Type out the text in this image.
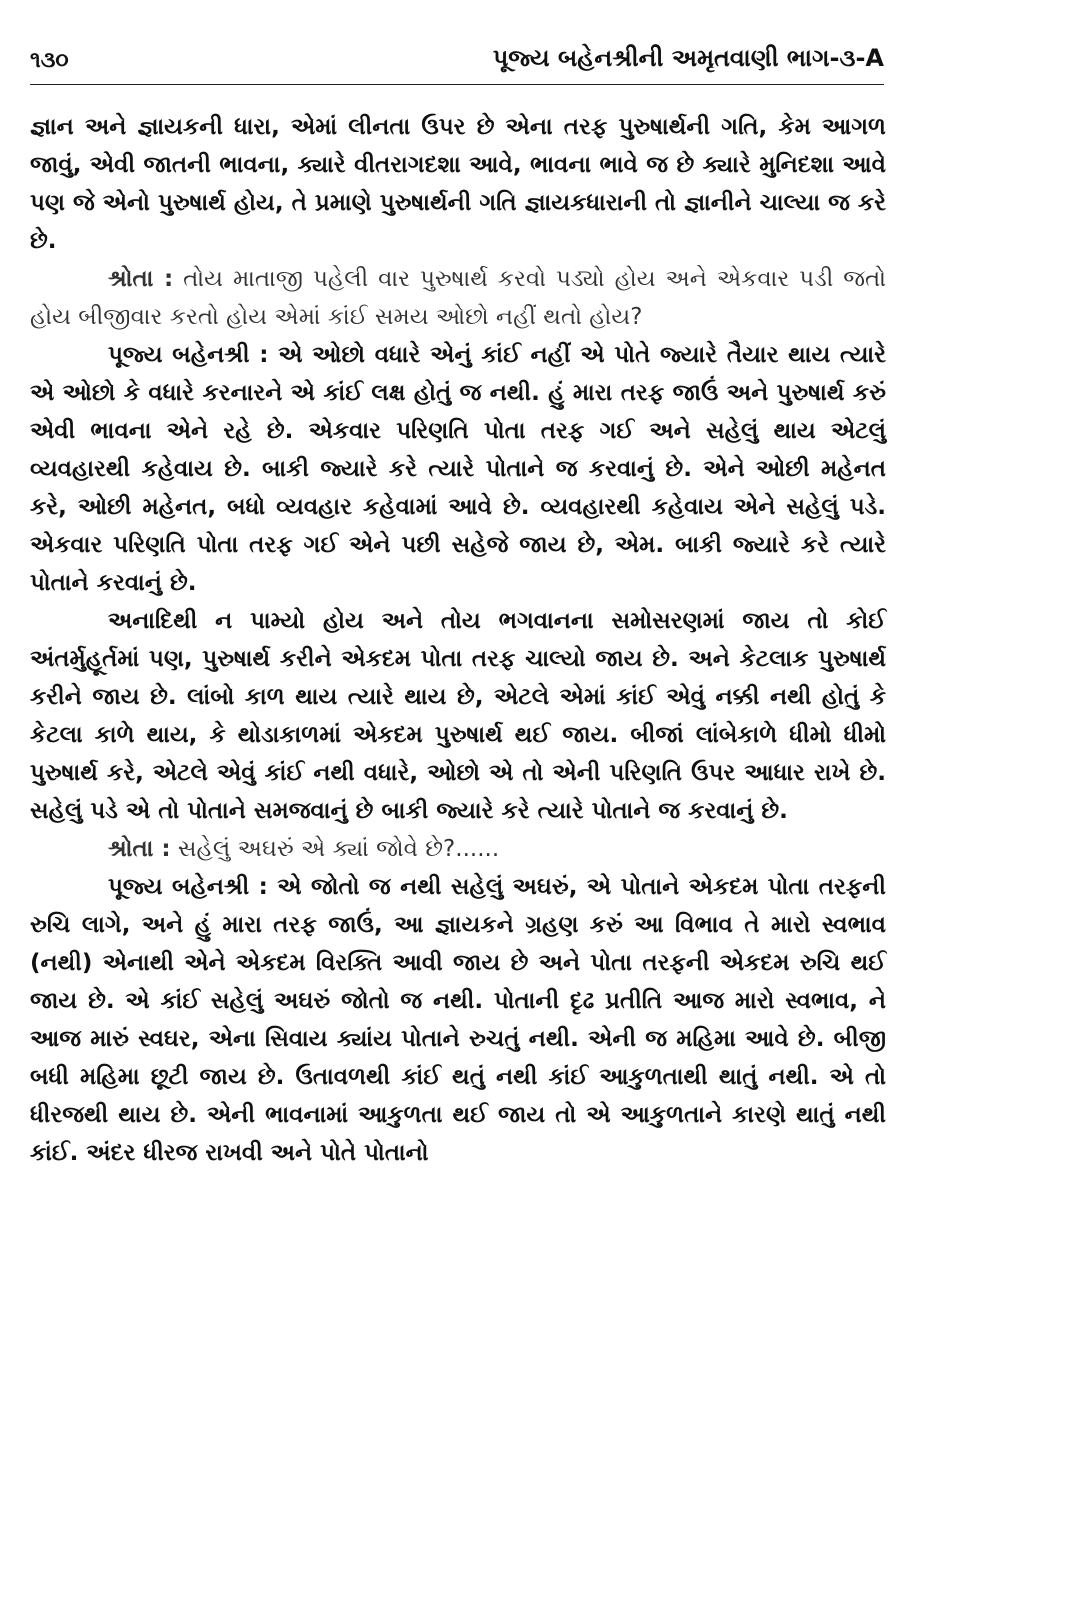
૧૩૦	પૂજ્ય બહેનશ્રીની અમૃતવાણી ભાગ-૩-A

જ્ઞાન અને જ્ઞાયકની ધારા, એમાં લીનતા ઉપર છે એના તરફ પુરુષાર્થની ગતિ, કેમ આગળ જાવું, એવી જાતની ભાવના, ક્યારે વીતરાગદશા આવે, ભાવના ભાવે જ છે ક્યારે મુનિદશા આવે પણ જે એનો પુરુષાર્થ હોય, તે પ્રમાણે પુરુષાર્થની ગતિ જ્ઞાયકધારાની તો જ્ઞાનીને ચાલ્યા જ કરે છે.

શ્રોતા : તોય માતાજી પહેલી વાર પુરુષાર્થ કરવો પડ્યો હોય અને એકવાર પડી જતો હોય બીજીવાર કરતો હોય એમાં કાંઈ સમય ઓછો નહીં થતો હોય?

પૂજ્ય બહેનશ્રી : એ ઓછો વધારે એનું કાંઈ નહીં એ પોતે જ્યારે તૈયાર થાય ત્યારે એ ઓછો કે વધારે કરનારને એ કાંઈ લક્ષ હોતું જ નથી. હું મારા તરફ જાઉં અને પુરુષાર્થ કરું એવી ભાવના એને રહે છે. એકવાર પરિણતિ પોતા તરફ ગઈ અને સહેલું થાય એટલું વ્યવહારથી કહેવાય છે. બાકી જ્યારે કરે ત્યારે પોતાને જ કરવાનું છે. એને ઓછી મહેનત કરે, ઓછી મહેનત, બધો વ્યવહાર કહેવામાં આવે છે. વ્યવહારથી કહેવાય એને સહેલું પડે. એકવાર પરિણતિ પોતા તરફ ગઈ એને પછી સહેજે જાય છે, એમ. બાકી જ્યારે કરે ત્યારે પોતાને કરવાનું છે.

અનાદિથી ન પામ્યો હોય અને તોય ભગવાનના સમોસરણમાં જાય તો કોઈ અંતર્મુહૂર્તમાં પણ, પુરુષાર્થ કરીને એકદમ પોતા તરફ ચાલ્યો જાય છે. અને કેટલાક પુરુષાર્થ કરીને જાય છે. લાંબો કાળ થાય ત્યારે થાય છે, એટલે એમાં કાંઈ એવું નક્કી નથી હોતું કે કેટલા કાળે થાય, કે થોડાકાળમાં એકદમ પુરુષાર્થ થઈ જાય. બીજાં લાંબેકાળે ધીમો ધીમો પુરુષાર્થ કરે, એટલે એવું કાંઈ નથી વધારે, ઓછો એ તો એની પરિણતિ ઉપર આધાર રાખે છે. સહેલું પડે એ તો પોતાને સમજવાનું છે બાકી જ્યારે કરે ત્યારે પોતાને જ કરવાનું છે.

શ્રોતા : સહેલું અઘરું એ ક્યાં જોવે છે?......

પૂજ્ય બહેનશ્રી : એ જોતો જ નથી સહેલું અઘરું, એ પોતાને એકદમ પોતા તરફની રુચિ લાગે, અને હું મારા તરફ જાઉં, આ જ્ઞાયકને ગ્રહણ કરું આ વિભાવ તે મારો સ્વભાવ (નથી) એનાથી એને એકદમ વિરક્તિ આવી જાય છે અને પોતા તરફની એકદમ રુચિ થઈ જાય છે. એ કાંઈ સહેલું અઘરું જોતો જ નથી. પોતાની દૃઢ પ્રતીતિ આજ મારો સ્વભાવ, ને આજ મારું સ્વઘર, એના સિવાય ક્યાંય પોતાને રુચતું નથી. એની જ મહિમા આવે છે. બીજી બધી મહિમા છૂટી જાય છે. ઉતાવળથી કાંઈ થતું નથી કાંઈ આકુળતાથી થાતું નથી. એ તો ધીરજથી થાય છે. એની ભાવનામાં આકુળતા થઈ જાય તો એ આકુળતાને કારણે થાતું નથી કાંઈ. અંદર ધીરજ રાખવી અને પોતે પોતાનો
